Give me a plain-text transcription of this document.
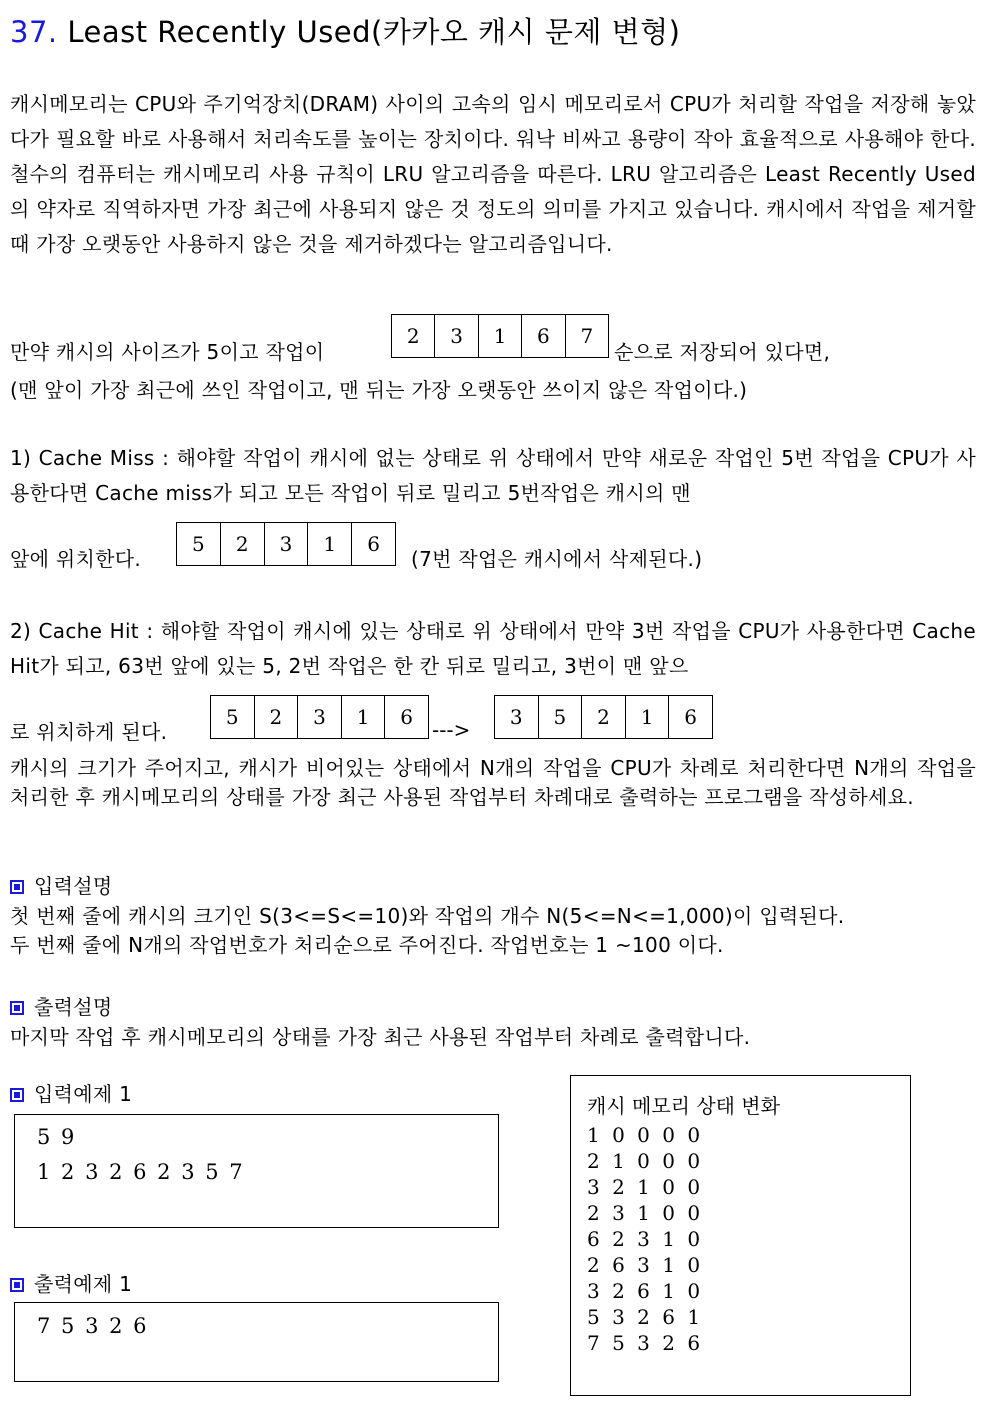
37. Least Recently Used(카카오 캐시 문제 변형)
캐시메모리는 CPU와 주기억장치(DRAM) 사이의 고속의 임시 메모리로서 CPU가 처리할 작업을 저장해 놓았다가 필요할 바로 사용해서 처리속도를 높이는 장치이다. 워낙 비싸고 용량이 작아 효율적으로 사용해야 한다. 철수의 컴퓨터는 캐시메모리 사용 규칙이 LRU 알고리즘을 따른다. LRU 알고리즘은 Least Recently Used 의 약자로 직역하자면 가장 최근에 사용되지 않은 것 정도의 의미를 가지고 있습니다. 캐시에서 작업을 제거할 때 가장 오랫동안 사용하지 않은 것을 제거하겠다는 알고리즘입니다.
만약 캐시의 사이즈가 5이고 작업이
2	3	1	6	7
순으로 저장되어 있다면,
(맨 앞이 가장 최근에 쓰인 작업이고, 맨 뒤는 가장 오랫동안 쓰이지 않은 작업이다.)
1) Cache Miss : 해야할 작업이 캐시에 없는 상태로 위 상태에서 만약 새로운 작업인 5번 작업을 CPU가 사용한다면 Cache miss가 되고 모든 작업이 뒤로 밀리고 5번작업은 캐시의 맨
앞에 위치한다.
5	2	3	1	6
(7번 작업은 캐시에서 삭제된다.)
2) Cache Hit : 해야할 작업이 캐시에 있는 상태로 위 상태에서 만약 3번 작업을 CPU가 사용한다면 Cache Hit가 되고, 63번 앞에 있는 5, 2번 작업은 한 칸 뒤로 밀리고, 3번이 맨 앞으
로 위치하게 된다.
5	2	3	1	6
--->
3	5	2	1	6
캐시의 크기가 주어지고, 캐시가 비어있는 상태에서 N개의 작업을 CPU가 차례로 처리한다면 N개의 작업을 처리한 후 캐시메모리의 상태를 가장 최근 사용된 작업부터 차례대로 출력하는 프로그램을 작성하세요.
입력설명
첫 번째 줄에 캐시의 크기인 S(3<=S<=10)와 작업의 개수 N(5<=N<=1,000)이 입력된다.
두 번째 줄에 N개의 작업번호가 처리순으로 주어진다. 작업번호는 1 ~100 이다.
출력설명
마지막 작업 후 캐시메모리의 상태를 가장 최근 사용된 작업부터 차례로 출력합니다.
입력예제 1
5 9
1 2 3 2 6 2 3 5 7
출력예제 1
7 5 3 2 6
캐시 메모리 상태 변화
1 0 0 0 0
2 1 0 0 0
3 2 1 0 0
2 3 1 0 0
6 2 3 1 0
2 6 3 1 0
3 2 6 1 0
5 3 2 6 1
7 5 3 2 6
